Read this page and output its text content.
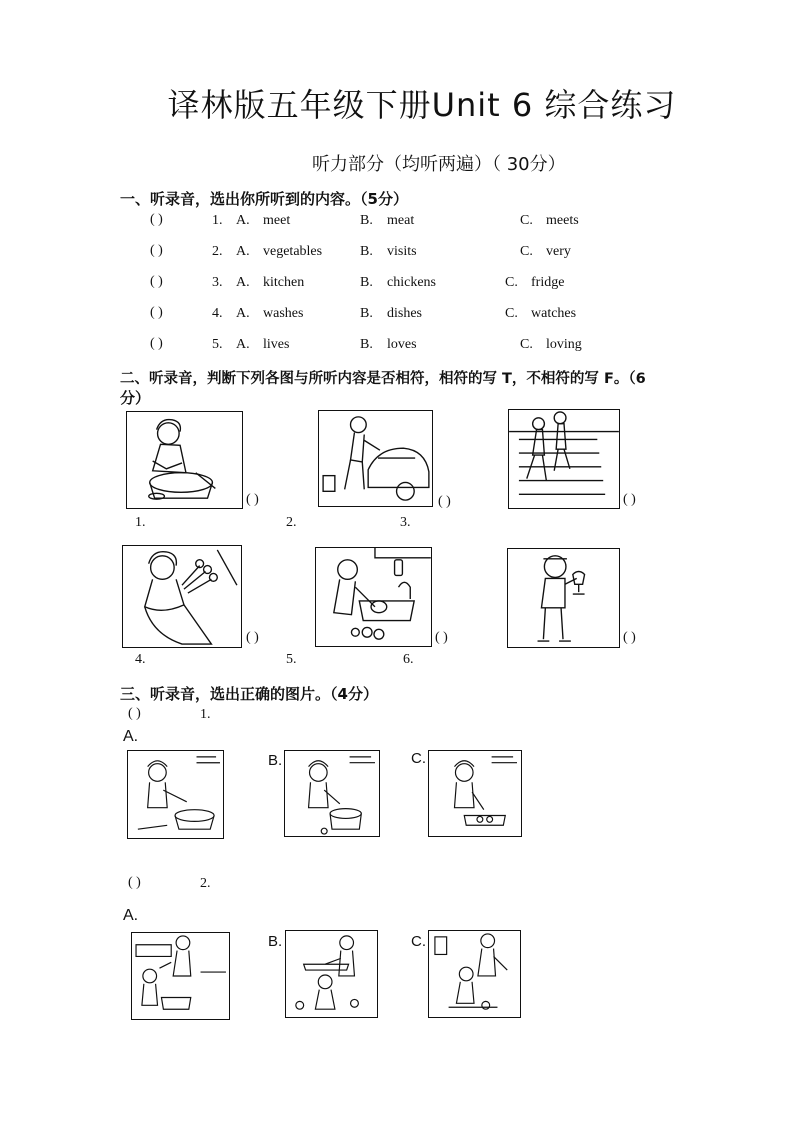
译林版五年级下册Unit 6 综合练习
听力部分（均听两遍）（ 30分）
一、听录音，选出你所听到的内容。（5分）
( )	1. A. meet	B. meat	C. meets
( )	2. A. vegetables	B. visits	C. very
( )	3. A. kitchen	B. chickens	C. fridge
( )	4. A. washes	B. dishes	C. watches
( )	5. A. lives	B. loves	C. loving
二、听录音，判断下列各图与所听内容是否相符，相符的写 T，不相符的写 F。（6
分）
( )
1.
( )
2.
( )
3.
( )
4.
( )
5.
( )
6.
三、听录音，选出正确的图片。（4分）
( )	1.
A.
B.	C.
( )	2.
A.
B.	C.
